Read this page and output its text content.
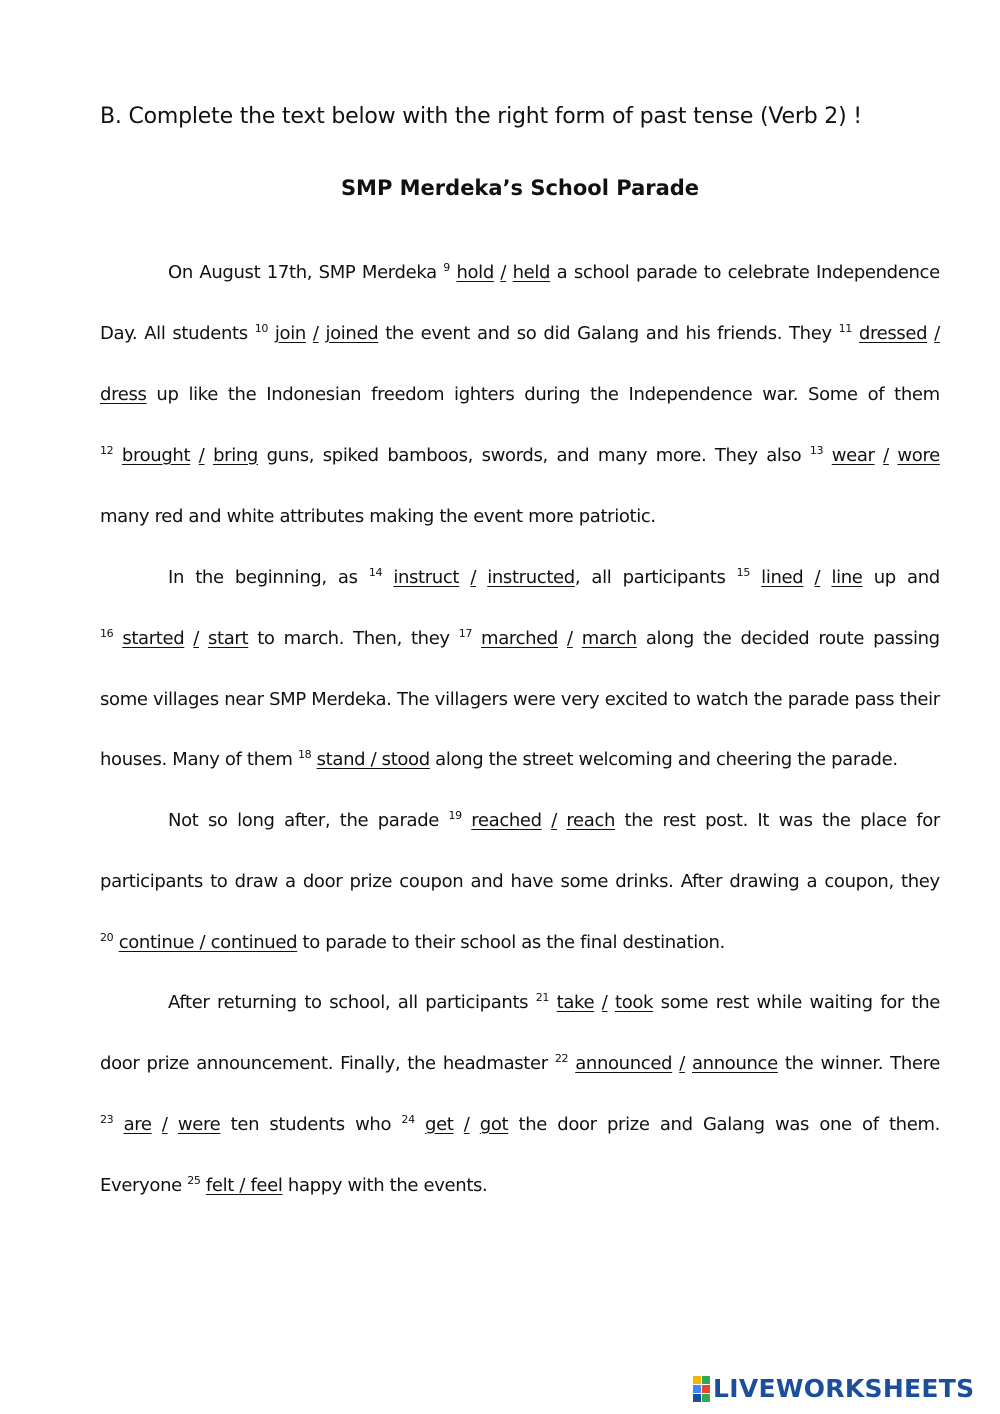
B. Complete the text below with the right form of past tense (Verb 2) !
SMP Merdeka’s School Parade
On August 17th, SMP Merdeka $^9$ hold / held a school parade to celebrate Independence
Day. All students $^{10}$ join / joined the event and so did Galang and his friends. They $^{11}$ dressed /
dress up like the Indonesian freedom ighters during the Independence war. Some of them
$^{12}$ brought / bring guns, spiked bamboos, swords, and many more. They also $^{13}$ wear / wore
many red and white attributes making the event more patriotic.
In the beginning, as $^{14}$ instruct / instructed, all participants $^{15}$ lined / line up and
$^{16}$ started / start to march. Then, they $^{17}$ marched / march along the decided route passing
some villages near SMP Merdeka. The villagers were very excited to watch the parade pass their
houses. Many of them $^{18}$ stand / stood along the street welcoming and cheering the parade.
Not so long after, the parade $^{19}$ reached / reach the rest post. It was the place for
participants to draw a door prize coupon and have some drinks. After drawing a coupon, they
$^{20}$ continue / continued to parade to their school as the final destination.
After returning to school, all participants $^{21}$ take / took some rest while waiting for the
door prize announcement. Finally, the headmaster $^{22}$ announced / announce the winner. There
$^{23}$ are / were ten students who $^{24}$ get / got the door prize and Galang was one of them.
Everyone $^{25}$ felt / feel happy with the events.
LIVEWORKSHEETS
